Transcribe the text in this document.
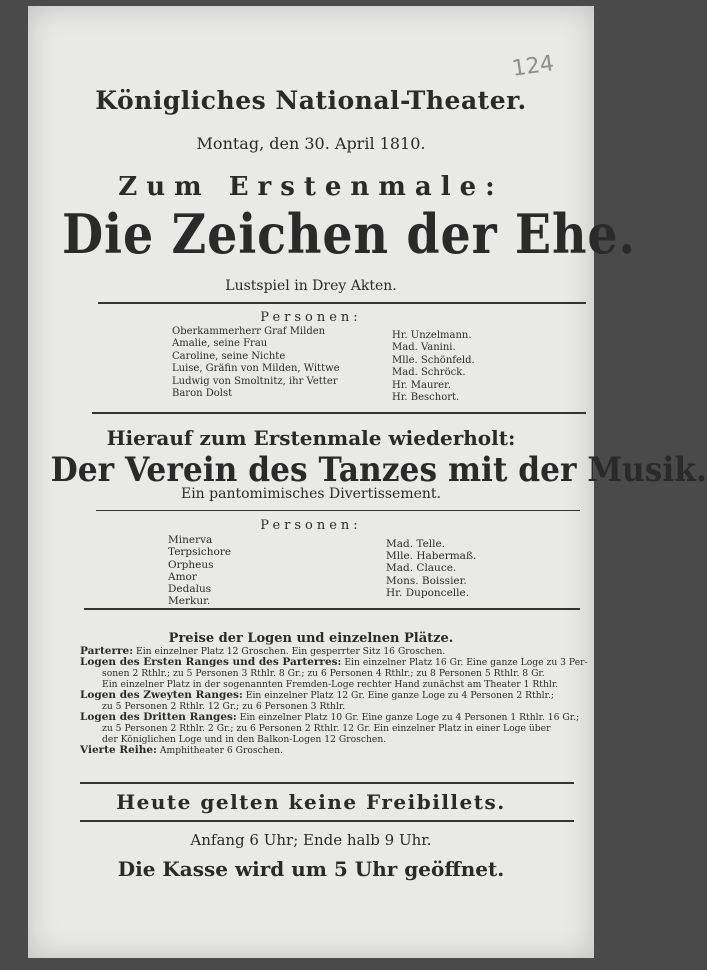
124
Königliches National-Theater.
Montag, den 30. April 1810.
Zum Erstenmale:
Die Zeichen der Ehe.
Lustspiel in Drey Akten.
Personen:
Oberkammerherr Graf Milden
Amalie, seine Frau
Caroline, seine Nichte
Luise, Gräfin von Milden, Wittwe
Ludwig von Smoltnitz, ihr Vetter
Baron Dolst
Hr. Unzelmann.
Mad. Vanini.
Mlle. Schönfeld.
Mad. Schröck.
Hr. Maurer.
Hr. Beschort.
Hierauf zum Erstenmale wiederholt:
Der Verein des Tanzes mit der Musik.
Ein pantomimisches Divertissement.
Personen:
Minerva
Terpsichore
Orpheus
Amor
Dedalus
Merkur.
Mad. Telle.
Mlle. Habermaß.
Mad. Clauce.
Mons. Boissier.
Hr. Duponcelle.
Preise der Logen und einzelnen Plätze.
Parterre: Ein einzelner Platz 12 Groschen. Ein gesperrter Sitz 16 Groschen.
Logen des Ersten Ranges und des Parterres: Ein einzelner Platz 16 Gr. Eine ganze Loge zu 3 Per-
sonen 2 Rthlr.; zu 5 Personen 3 Rthlr. 8 Gr.; zu 6 Personen 4 Rthlr.; zu 8 Personen 5 Rthlr. 8 Gr.
Ein einzelner Platz in der sogenannten Fremden-Loge rechter Hand zunächst am Theater 1 Rthlr.
Logen des Zweyten Ranges: Ein einzelner Platz 12 Gr. Eine ganze Loge zu 4 Personen 2 Rthlr.;
zu 5 Personen 2 Rthlr. 12 Gr.; zu 6 Personen 3 Rthlr.
Logen des Dritten Ranges: Ein einzelner Platz 10 Gr. Eine ganze Loge zu 4 Personen 1 Rthlr. 16 Gr.;
zu 5 Personen 2 Rthlr. 2 Gr.; zu 6 Personen 2 Rthlr. 12 Gr. Ein einzelner Platz in einer Loge über
der Königlichen Loge und in den Balkon-Logen 12 Groschen.
Vierte Reihe: Amphitheater 6 Groschen.
Heute gelten keine Freibillets.
Anfang 6 Uhr; Ende halb 9 Uhr.
Die Kasse wird um 5 Uhr geöffnet.
